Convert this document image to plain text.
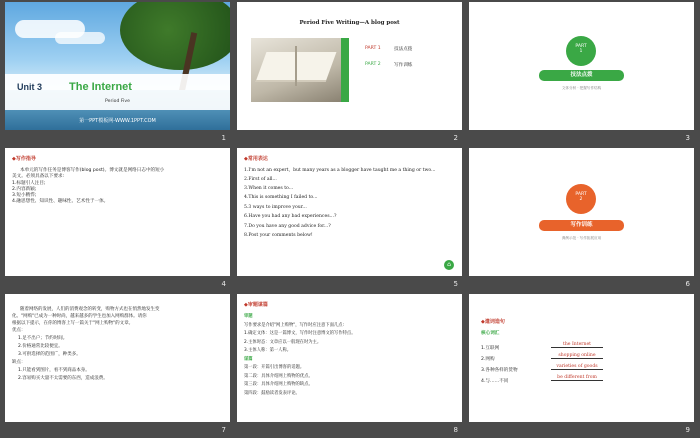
Unit 3 The Internet
Period Five
第一PPT模板网-WWW.1PPT.COM
1
Period Five Writing—A blog post
PART 1	技法点拨
PART 2	写作训练
2
PART
1
技法点拨
文体分析 · 把握写作结构
3
◆写作指导
本单元的写作任务是博客写作(blog post)。博文就是网络日志中的短小
美文。必须具备以下要求:
1.标题引人注目;
2.内容新颖;
3.短小精悍;
4.融思想性、知识性、趣味性、艺术性于一体。
4
◆常用表达
1.I'm not an expert，but many years as a blogger have taught me a thing or two...
2.First of all...
3.When it comes to...
4.This is something I failed to...
5.3 ways to improve your...
6.Have you had any bad experiences...?
7.Do you have any good advice for...?
8.Post your comments below!
⌂
5
PART
2
写作训练
典例示范 · 写作拓展应用
6
随着网络的发展，人们的消费观念的转变，购物方式也在悄然地发生变
化。"网购"已成为一种时尚，越来越多的学生也加入网购群体。请你
根据以下提示，在你的博客上写一篇关于"网上购物"的文章。
优点：
1.足不出户；节约时间。
2.价格通常比较便宜。
3.可供选择的范围广，种类多。
缺点：
1.只能看到图片，看不到商品本身。
2.容易购买大量不太需要的东西，造成浪费。
7
◆审题谋篇
审题
写作要求是介绍"网上购物"，写作时应注意下面几点:
1.确定文体：这是一篇博文，写作时注意博文的写作特点。
2.主体时态：文章应以一般现在时为主。
3.主体人称：第一人称。
谋篇
第一段：开篇引出博客的话题。
第二段：具体介绍网上购物的优点。
第三段：具体介绍网上购物的缺点。
第四段：鼓励读者发表评论。
8
◆遣词造句
核心词汇
1.互联网
the Internet
2.网购
shopping online
3.各种各样的货物
varieties of goods
4.与……不同
be different from
9
